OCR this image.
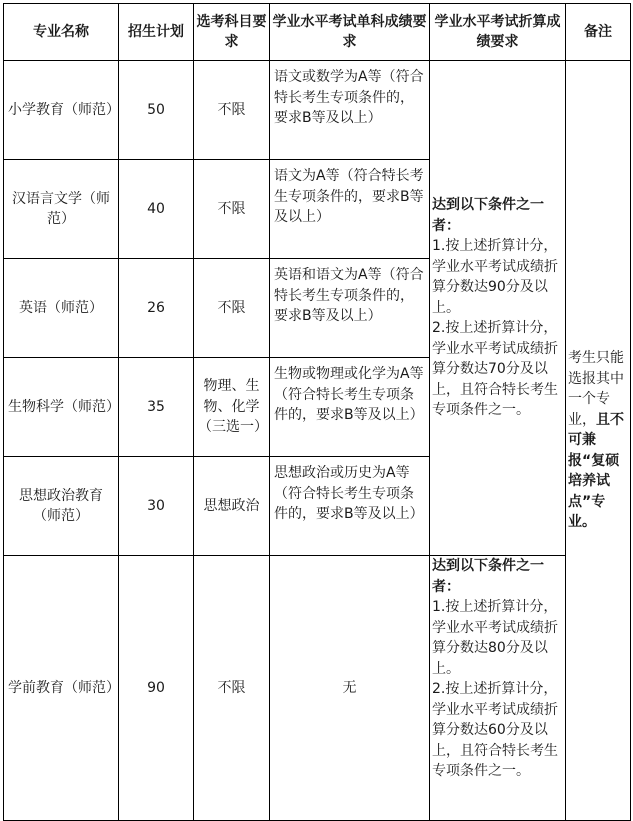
专业名称	招生计划	选考科目要求	学业水平考试单科成绩要求	学业水平考试折算成绩要求	备注
小学教育（师范）	50	不限	语文或数学为A等（符合特长考生专项条件的，要求B等及以上）	达到以下条件之一者：
1.按上述折算计分，学业水平考试成绩折算分数达90分及以上。
2.按上述折算计分，学业水平考试成绩折算分数达70分及以上，且符合特长考生专项条件之一。	考生只能选报其中一个专业，且不可兼报“复硕培养试点”专业。
汉语言文学（师范）	40	不限	语文为A等（符合特长考生专项条件的，要求B等及以上）		
英语（师范）	26	不限	英语和语文为A等（符合特长考生专项条件的，要求B等及以上）		
生物科学（师范）	35	物理、生物、化学（三选一）	生物或物理或化学为A等（符合特长考生专项条件的，要求B等及以上）		
思想政治教育（师范）	30	思想政治	思想政治或历史为A等（符合特长考生专项条件的，要求B等及以上）		
学前教育（师范）	90	不限	无	达到以下条件之一者：
1.按上述折算计分，学业水平考试成绩折算分数达80分及以上。
2.按上述折算计分，学业水平考试成绩折算分数达60分及以上，且符合特长考生专项条件之一。	
